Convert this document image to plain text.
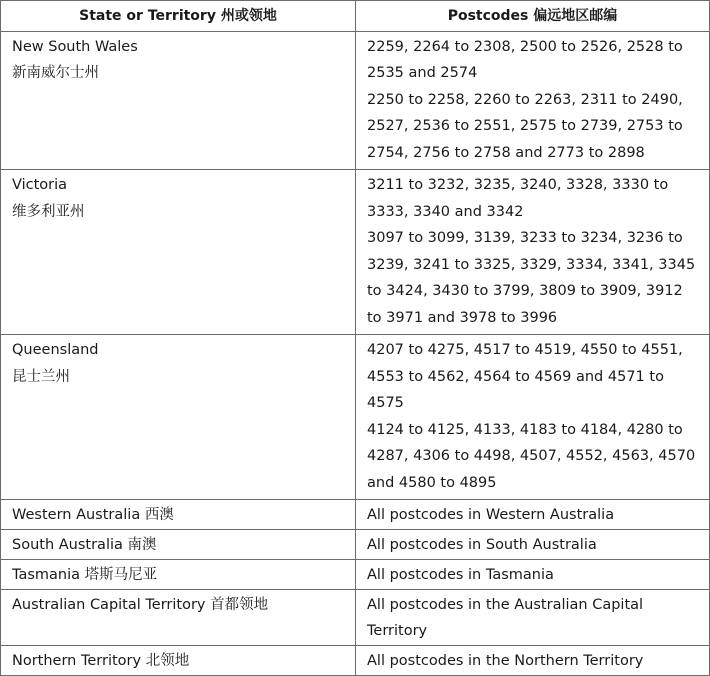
State or Territory 州或领地	Postcodes 偏远地区邮编

New South Wales
新南威尔士州	2259, 2264 to 2308, 2500 to 2526, 2528 to 2535 and 2574
2250 to 2258, 2260 to 2263, 2311 to 2490, 2527, 2536 to 2551, 2575 to 2739, 2753 to 2754, 2756 to 2758 and 2773 to 2898

Victoria
维多利亚州	3211 to 3232, 3235, 3240, 3328, 3330 to 3333, 3340 and 3342
3097 to 3099, 3139, 3233 to 3234, 3236 to 3239, 3241 to 3325, 3329, 3334, 3341, 3345 to 3424, 3430 to 3799, 3809 to 3909, 3912 to 3971 and 3978 to 3996

Queensland
昆士兰州	4207 to 4275, 4517 to 4519, 4550 to 4551, 4553 to 4562, 4564 to 4569 and 4571 to 4575
4124 to 4125, 4133, 4183 to 4184, 4280 to 4287, 4306 to 4498, 4507, 4552, 4563, 4570 and 4580 to 4895

Western Australia 西澳	All postcodes in Western Australia
South Australia 南澳	All postcodes in South Australia
Tasmania 塔斯马尼亚	All postcodes in Tasmania
Australian Capital Territory 首都领地	All postcodes in the Australian Capital Territory
Northern Territory 北领地	All postcodes in the Northern Territory
